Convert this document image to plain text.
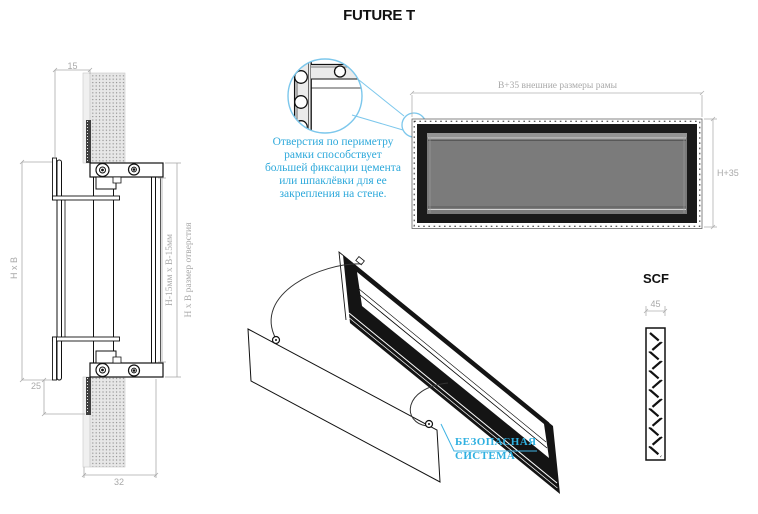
FUTURE T
15
H x B
25
32
H-15мм x B-15мм H x B размер отверстия
Отверстия по периметру
рамки способствует
большей фиксации цемента
или шпаклёвки для ее
закрепления на стене.
B+35 внешние размеры рамы
H+35
БЕЗОПАСНАЯ
СИСТЕМА
SCF
45
